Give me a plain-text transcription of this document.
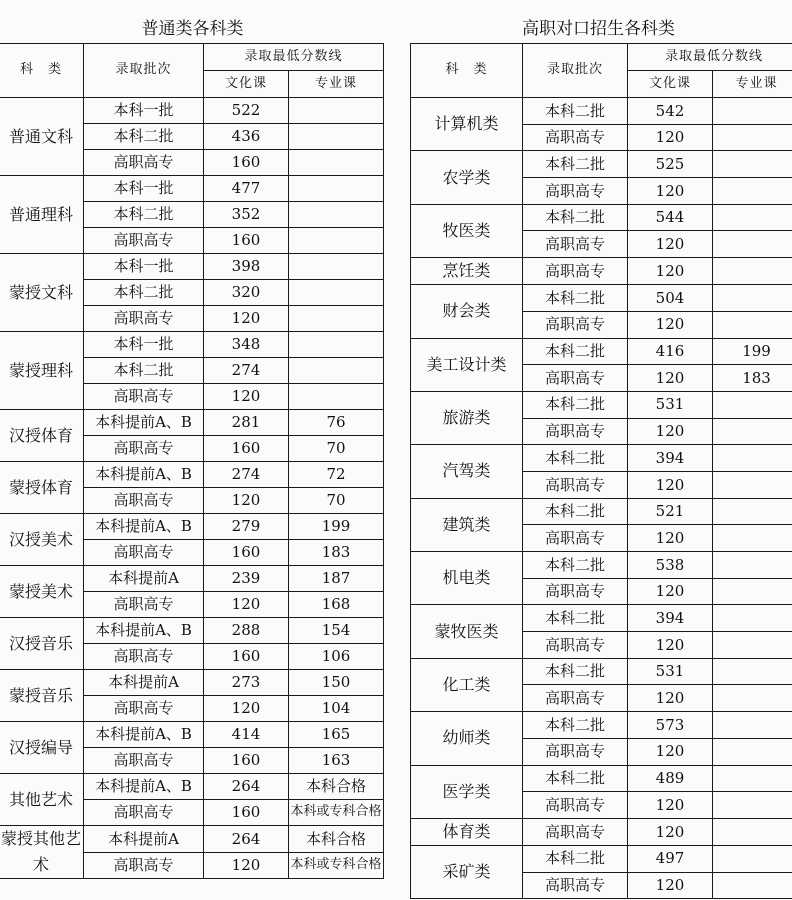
普通类各科类	高职对口招生各科类
科　类	录取批次	录取最低分数线	
		文化课	专业课
普通文科	本科一批	522	
	本科二批	436	
	高职高专	160	
普通理科	本科一批	477	
	本科二批	352	
	高职高专	160	
蒙授文科	本科一批	398	
	本科二批	320	
	高职高专	120	
蒙授理科	本科一批	348	
	本科二批	274	
	高职高专	120	
汉授体育	本科提前A、B	281	76
	高职高专	160	70
蒙授体育	本科提前A、B	274	72
	高职高专	120	70
汉授美术	本科提前A、B	279	199
	高职高专	160	183
蒙授美术	本科提前A	239	187
	高职高专	120	168
汉授音乐	本科提前A、B	288	154
	高职高专	160	106
蒙授音乐	本科提前A	273	150
	高职高专	120	104
汉授编导	本科提前A、B	414	165
	高职高专	160	163
其他艺术	本科提前A、B	264	本科合格
	高职高专	160	本科或专科合格
蒙授其他艺术	本科提前A	264	本科合格
	高职高专	120	本科或专科合格
科　类	录取批次	录取最低分数线	
		文化课	专业课
计算机类	本科二批	542	
	高职高专	120	
农学类	本科二批	525	
	高职高专	120	
牧医类	本科二批	544	
	高职高专	120	
烹饪类	高职高专	120	
财会类	本科二批	504	
	高职高专	120	
美工设计类	本科二批	416	199
	高职高专	120	183
旅游类	本科二批	531	
	高职高专	120	
汽驾类	本科二批	394	
	高职高专	120	
建筑类	本科二批	521	
	高职高专	120	
机电类	本科二批	538	
	高职高专	120	
蒙牧医类	本科二批	394	
	高职高专	120	
化工类	本科二批	531	
	高职高专	120	
幼师类	本科二批	573	
	高职高专	120	
医学类	本科二批	489	
	高职高专	120	
体育类	高职高专	120	
采矿类	本科二批	497	
	高职高专	120	
